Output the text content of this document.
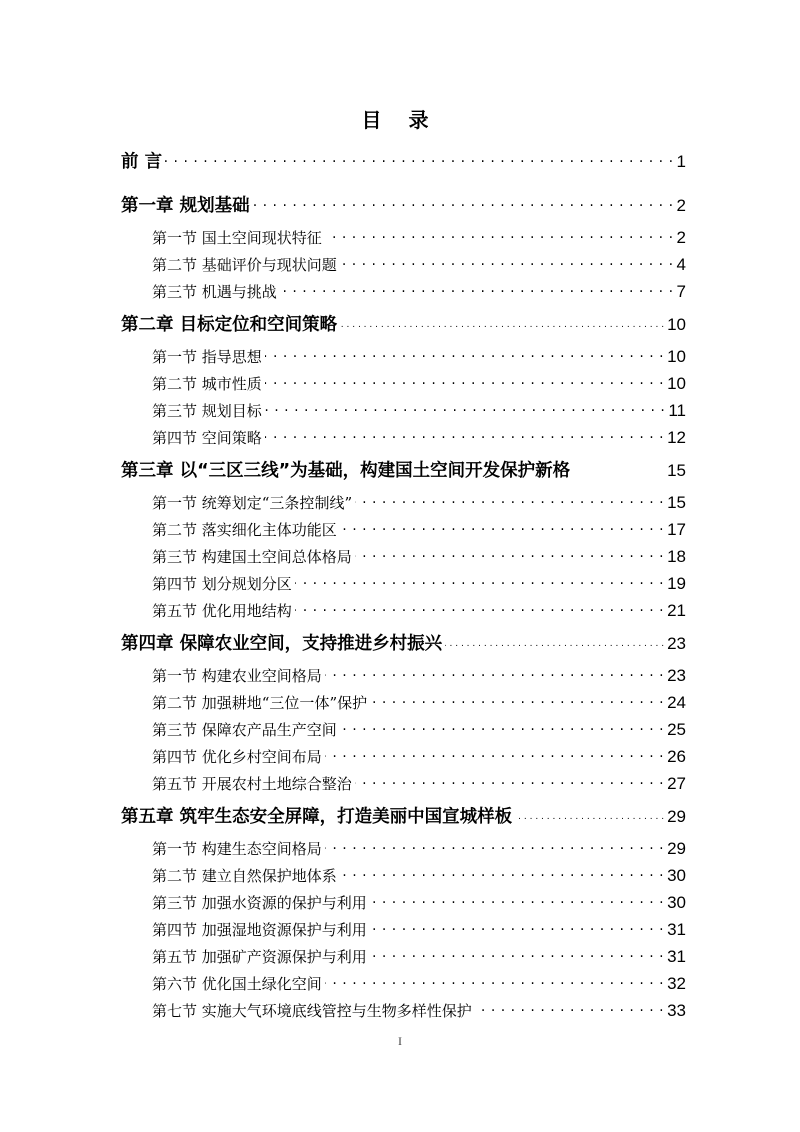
目 录
前 言 . . .	1
第一章 规划基础 . . .	2
第一节 国土空间现状特征 . . .	2
第二节 基础评价与现状问题 . . .	4
第三节 机遇与挑战 . . .	7
第二章 目标定位和空间策略 . . .	10
第一节 指导思想 . . .	10
第二节 城市性质 . . .	10
第三节 规划目标 . . .	11
第四节 空间策略 . . .	12
第三章 以“三区三线”为基础，构建国土空间开发保护新格	15
第一节 统筹划定“三条控制线” . . .	15
第二节 落实细化主体功能区 . . .	17
第三节 构建国土空间总体格局 . . .	18
第四节 划分规划分区 . . .	19
第五节 优化用地结构 . . .	21
第四章 保障农业空间，支持推进乡村振兴 . . .	23
第一节 构建农业空间格局 . . .	23
第二节 加强耕地“三位一体”保护 . . .	24
第三节 保障农产品生产空间 . . .	25
第四节 优化乡村空间布局 . . .	26
第五节 开展农村土地综合整治 . . .	27
第五章 筑牢生态安全屏障，打造美丽中国宣城样板 . . .	29
第一节 构建生态空间格局 . . .	29
第二节 建立自然保护地体系 . . .	30
第三节 加强水资源的保护与利用 . . .	30
第四节 加强湿地资源保护与利用 . . .	31
第五节 加强矿产资源保护与利用 . . .	31
第六节 优化国土绿化空间 . . .	32
第七节 实施大气环境底线管控与生物多样性保护 . . .	33
I
